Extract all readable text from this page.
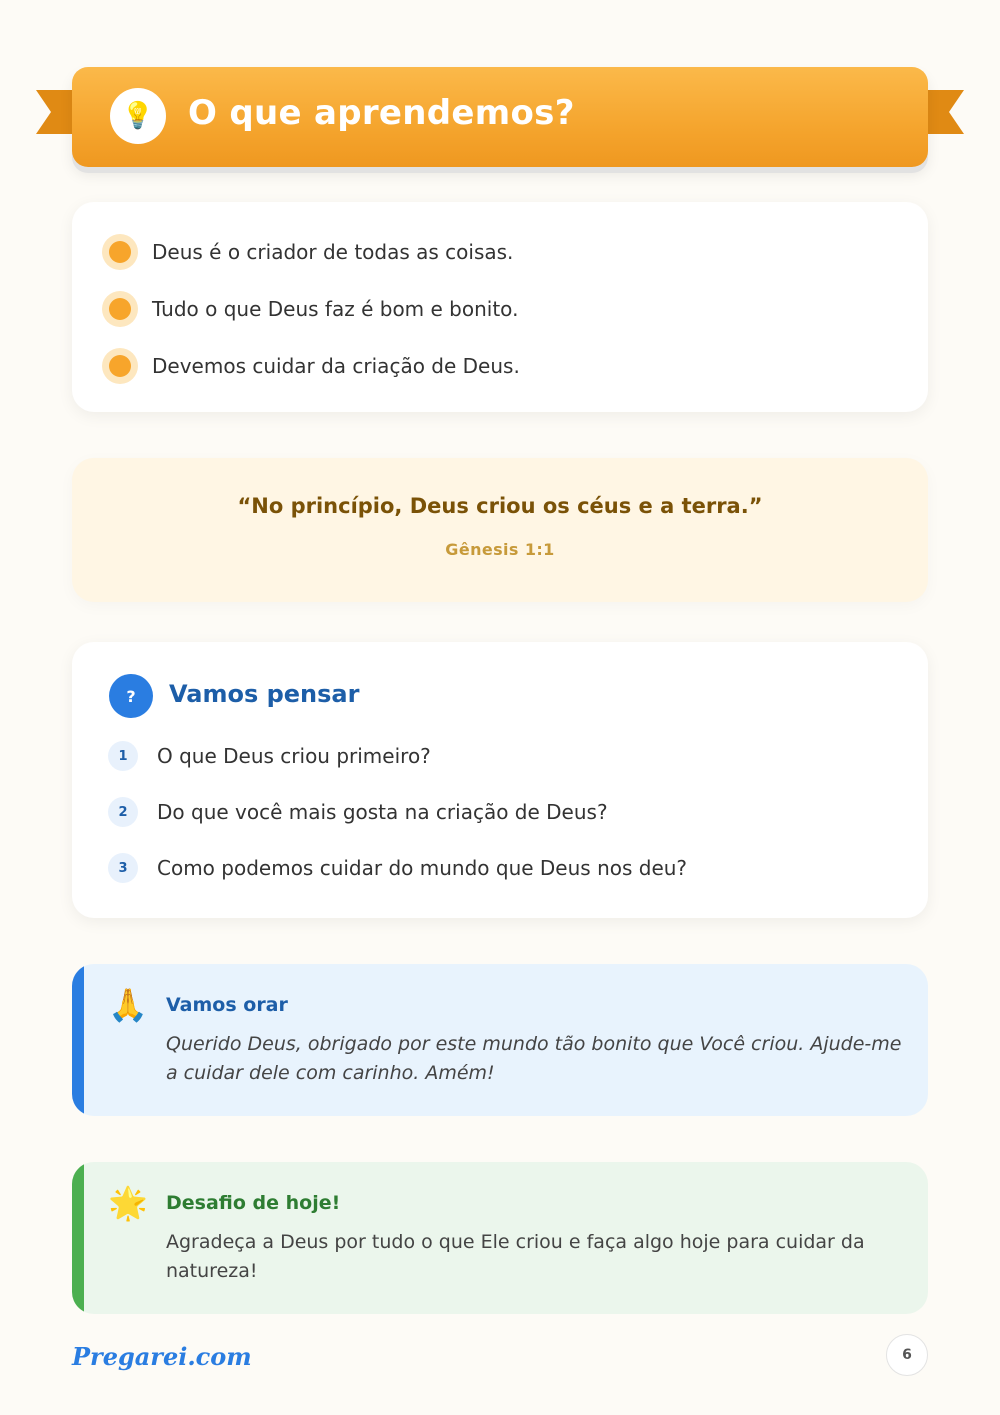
💡 O que aprendemos?
Deus é o criador de todas as coisas.
Tudo o que Deus faz é bom e bonito.
Devemos cuidar da criação de Deus.
“No princípio, Deus criou os céus e a terra.”
Gênesis 1:1
?	Vamos pensar
1	O que Deus criou primeiro?
2	Do que você mais gosta na criação de Deus?
3	Como podemos cuidar do mundo que Deus nos deu?
🙏 Vamos orar
Querido Deus, obrigado por este mundo tão bonito que Você criou. Ajude-me a cuidar dele com carinho. Amém!
🌟 Desafio de hoje!
Agradeça a Deus por tudo o que Ele criou e faça algo hoje para cuidar da natureza!
Pregarei.com	6
